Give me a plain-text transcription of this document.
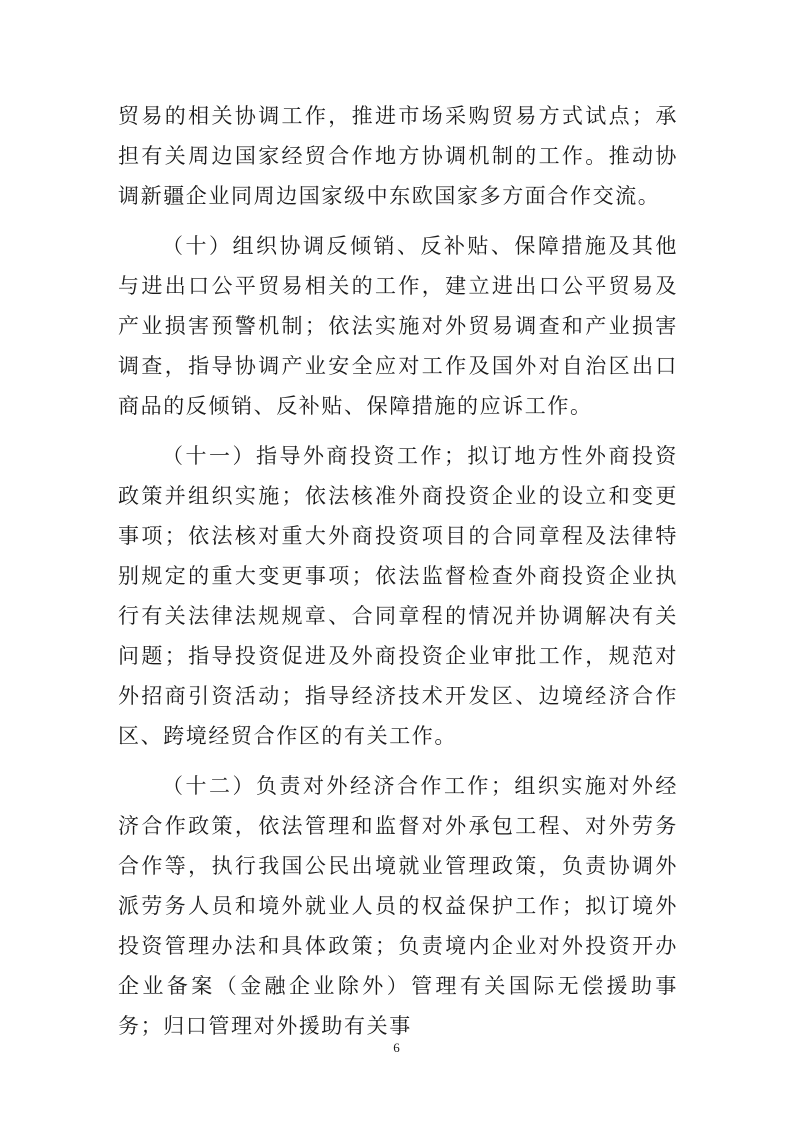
贸易的相关协调工作，推进市场采购贸易方式试点；承担有关周边国家经贸合作地方协调机制的工作。推动协调新疆企业同周边国家级中东欧国家多方面合作交流。

（十）组织协调反倾销、反补贴、保障措施及其他与进出口公平贸易相关的工作，建立进出口公平贸易及产业损害预警机制；依法实施对外贸易调查和产业损害调查，指导协调产业安全应对工作及国外对自治区出口商品的反倾销、反补贴、保障措施的应诉工作。

（十一）指导外商投资工作；拟订地方性外商投资政策并组织实施；依法核准外商投资企业的设立和变更事项；依法核对重大外商投资项目的合同章程及法律特别规定的重大变更事项；依法监督检查外商投资企业执行有关法律法规规章、合同章程的情况并协调解决有关问题；指导投资促进及外商投资企业审批工作，规范对外招商引资活动；指导经济技术开发区、边境经济合作区、跨境经贸合作区的有关工作。

（十二）负责对外经济合作工作；组织实施对外经济合作政策，依法管理和监督对外承包工程、对外劳务合作等，执行我国公民出境就业管理政策，负责协调外派劳务人员和境外就业人员的权益保护工作；拟订境外投资管理办法和具体政策；负责境内企业对外投资开办企业备案（金融企业除外）管理有关国际无偿援助事务；归口管理对外援助有关事

6
